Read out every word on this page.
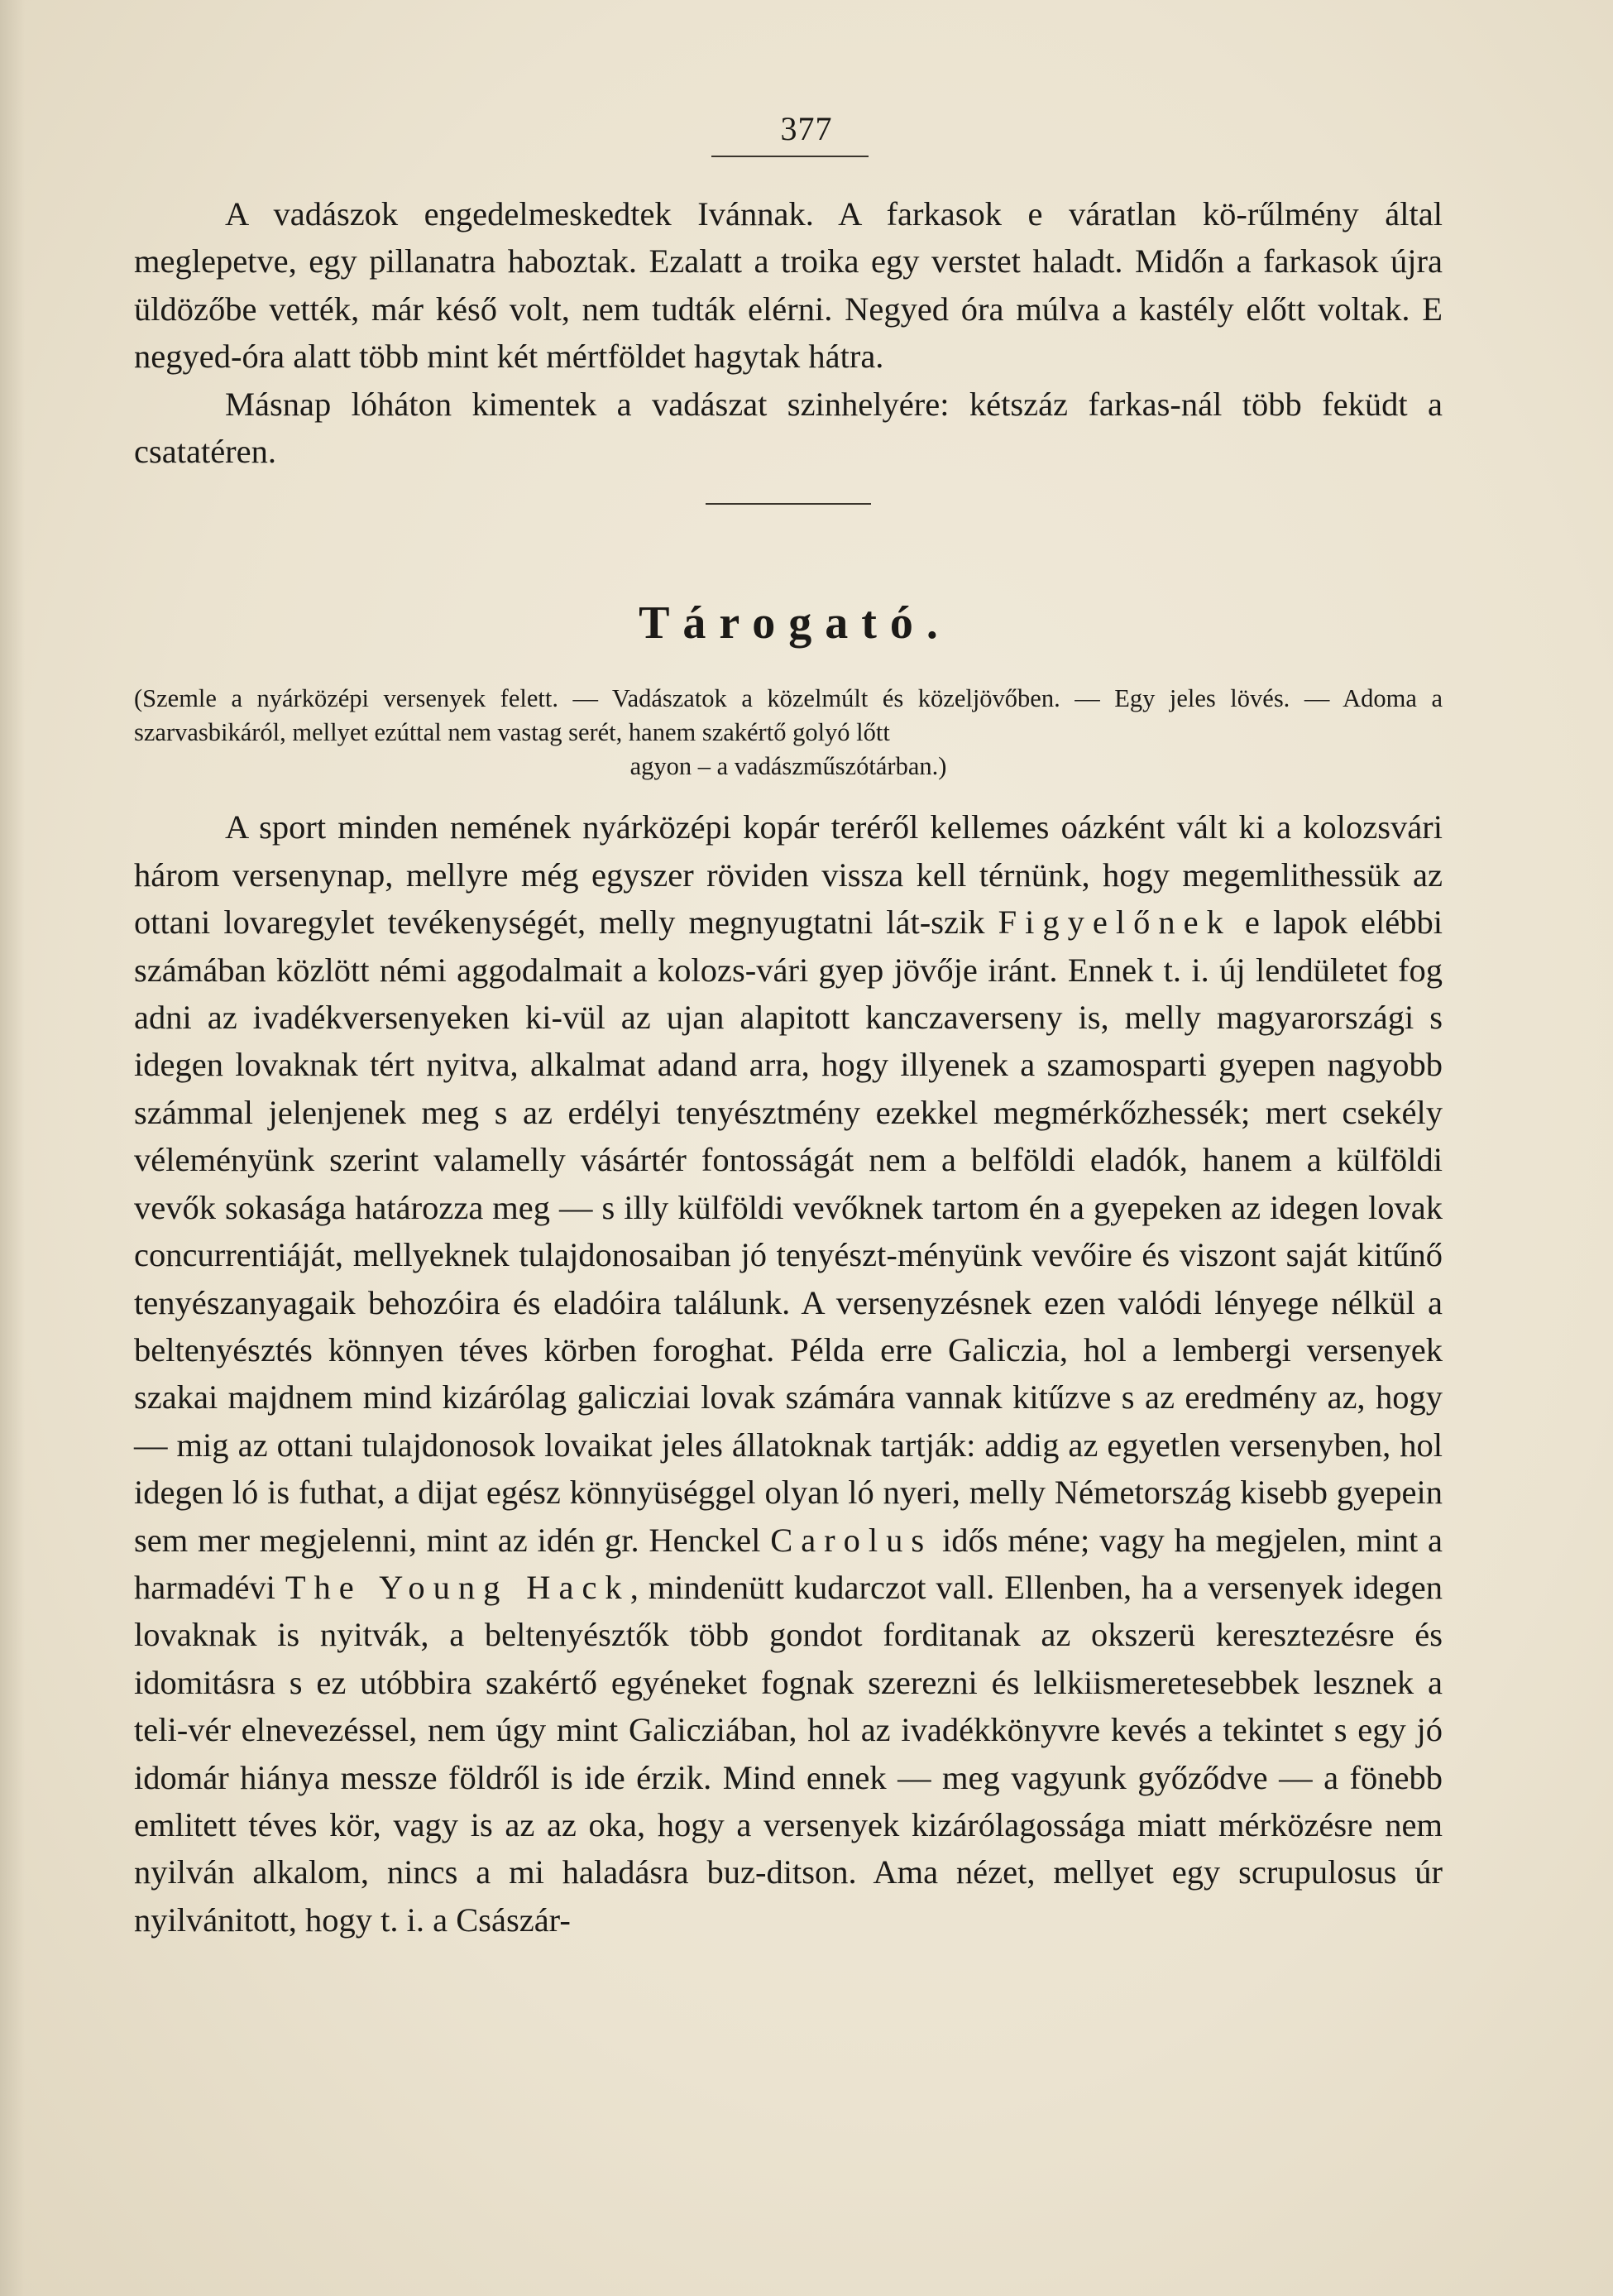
377

A vadászok engedelmeskedtek Ivánnak. A farkasok e váratlan kö-rűlmény által meglepetve, egy pillanatra haboztak. Ezalatt a troika egy verstet haladt. Midőn a farkasok újra üldözőbe vették, már késő volt, nem tudták elérni. Negyed óra múlva a kastély előtt voltak. E negyed-óra alatt több mint két mértföldet hagytak hátra.

Másnap lóháton kimentek a vadászat szinhelyére: kétszáz farkas-nál több feküdt a csatatéren.

Tárogató.
(Szemle a nyárközépi versenyek felett. — Vadászatok a közelmúlt és közeljövőben. — Egy jeles lövés. — Adoma a szarvasbikáról, mellyet ezúttal nem vastag serét, hanem szakértő golyó lőtt
agyon – a vadászműszótárban.)

A sport minden nemének nyárközépi kopár teréről kellemes oázként vált ki a kolozsvári három versenynap, mellyre még egyszer röviden vissza kell térnünk, hogy megemlithessük az ottani lovaregylet tevékenységét, melly megnyugtatni lát-szik Figyelőnek e lapok elébbi számában közlött némi aggodalmait a kolozs-vári gyep jövője iránt. Ennek t. i. új lendületet fog adni az ivadékversenyeken ki-vül az ujan alapitott kanczaverseny is, melly magyarországi s idegen lovaknak tért nyitva, alkalmat adand arra, hogy illyenek a szamosparti gyepen nagyobb számmal jelenjenek meg s az erdélyi tenyésztmény ezekkel megmérkőzhessék; mert csekély véleményünk szerint valamelly vásártér fontosságát nem a belföldi eladók, hanem a külföldi vevők sokasága határozza meg — s illy külföldi vevőknek tartom én a gyepeken az idegen lovak concurrentiáját, mellyeknek tulajdonosaiban jó tenyészt-ményünk vevőire és viszont saját kitűnő tenyészanyagaik behozóira és eladóira találunk. A versenyzésnek ezen valódi lényege nélkül a beltenyésztés könnyen téves körben foroghat. Példa erre Galiczia, hol a lembergi versenyek szakai majdnem mind kizárólag galicziai lovak számára vannak kitűzve s az eredmény az, hogy — mig az ottani tulajdonosok lovaikat jeles állatoknak tartják: addig az egyetlen versenyben, hol idegen ló is futhat, a dijat egész könnyüséggel olyan ló nyeri, melly Németország kisebb gyepein sem mer megjelenni, mint az idén gr. Henckel Carolus idős ménе; vagy ha megjelen, mint a harmadévi The Young Hack, mindenütt kudarczot vall. Ellenben, ha a versenyek idegen lovaknak is nyitvák, a beltenyésztők több gondot forditanak az okszerü keresztezésre és idomitásra s ez utóbbira szakértő egyéneket fognak szerezni és lelkiismeretesebbek lesznek a teli-vér elnevezéssel, nem úgy mint Galicziában, hol az ivadékkönyvre kevés a tekintet s egy jó idomár hiánya messze földről is ide érzik. Mind ennek — meg vagyunk győződve — a fönebb emlitett téves kör, vagy is az az oka, hogy a versenyek kizárólagossága miatt mérközésre nem nyilván alkalom, nincs a mi haladásra buz-ditson. Ama nézet, mellyet egy scrupulosus úr nyilvánitott, hogy t. i. a Császár-
